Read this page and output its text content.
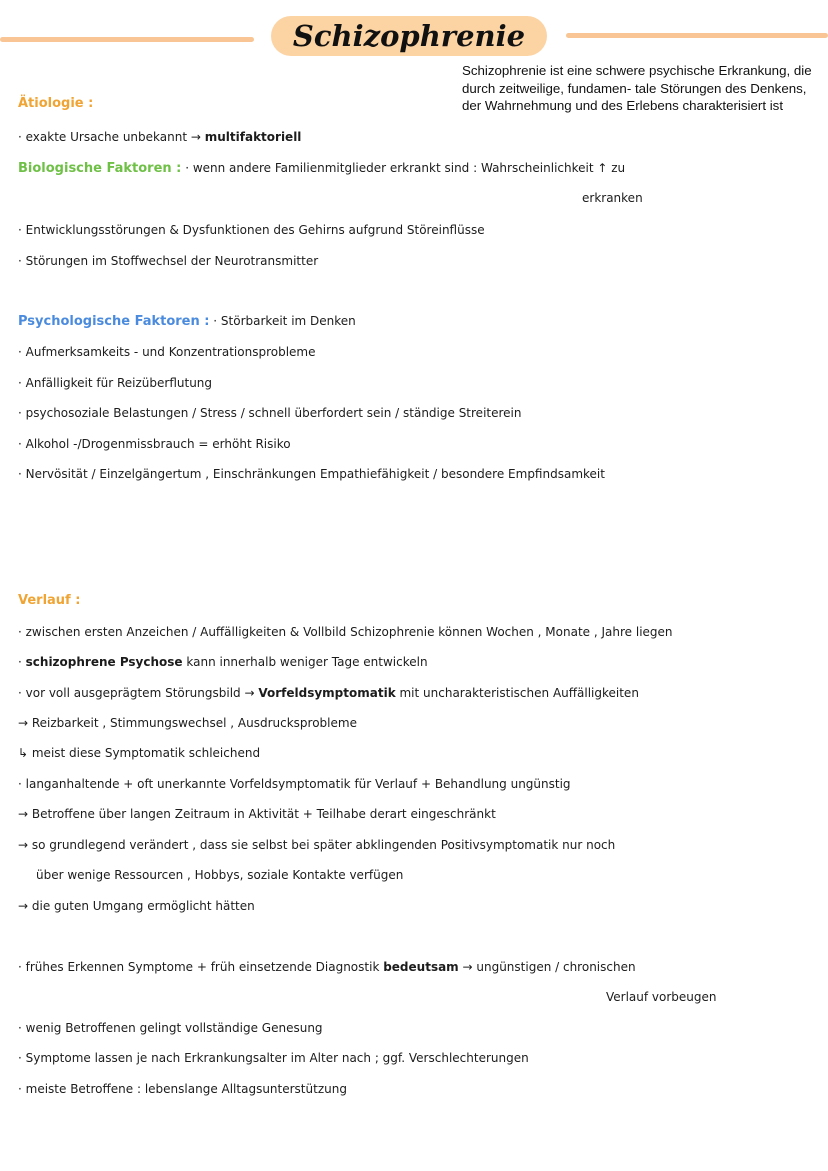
Schizophrenie
Schizophrenie ist eine schwere psychische Erkrankung, die durch zeitweilige, fundamen- tale Störungen des Denkens, der Wahrnehmung und des Erlebens charakterisiert ist
Ätiologie :
· exakte Ursache unbekannt → multifaktoriell
Biologische Faktoren : · wenn andere Familienmitglieder erkrankt sind : Wahrscheinlichkeit ↑ zu
erkranken
· Entwicklungsstörungen & Dysfunktionen des Gehirns aufgrund Störeinflüsse
· Störungen im Stoffwechsel der Neurotransmitter
Psychologische Faktoren : · Störbarkeit im Denken
· Aufmerksamkeits - und Konzentrationsprobleme
· Anfälligkeit für Reizüberflutung
· psychosoziale Belastungen / Stress / schnell überfordert sein / ständige Streiterein
· Alkohol -/Drogenmissbrauch = erhöht Risiko
· Nervösität / Einzelgängertum , Einschränkungen Empathiefähigkeit / besondere Empfindsamkeit
Verlauf :
· zwischen ersten Anzeichen / Auffälligkeiten & Vollbild Schizophrenie können Wochen , Monate , Jahre liegen
· schizophrene Psychose kann innerhalb weniger Tage entwickeln
· vor voll ausgeprägtem Störungsbild → Vorfeldsymptomatik mit uncharakteristischen Auffälligkeiten
→ Reizbarkeit , Stimmungswechsel , Ausdrucksprobleme
↳ meist diese Symptomatik schleichend
· langanhaltende + oft unerkannte Vorfeldsymptomatik für Verlauf + Behandlung ungünstig
→ Betroffene über langen Zeitraum in Aktivität + Teilhabe derart eingeschränkt
→ so grundlegend verändert , dass sie selbst bei später abklingenden Positivsymptomatik nur noch
über wenige Ressourcen , Hobbys, soziale Kontakte verfügen
→ die guten Umgang ermöglicht hätten
· frühes Erkennen Symptome + früh einsetzende Diagnostik bedeutsam → ungünstigen / chronischen
Verlauf vorbeugen
· wenig Betroffenen gelingt vollständige Genesung
· Symptome lassen je nach Erkrankungsalter im Alter nach ; ggf. Verschlechterungen
· meiste Betroffene : lebenslange Alltagsunterstützung
